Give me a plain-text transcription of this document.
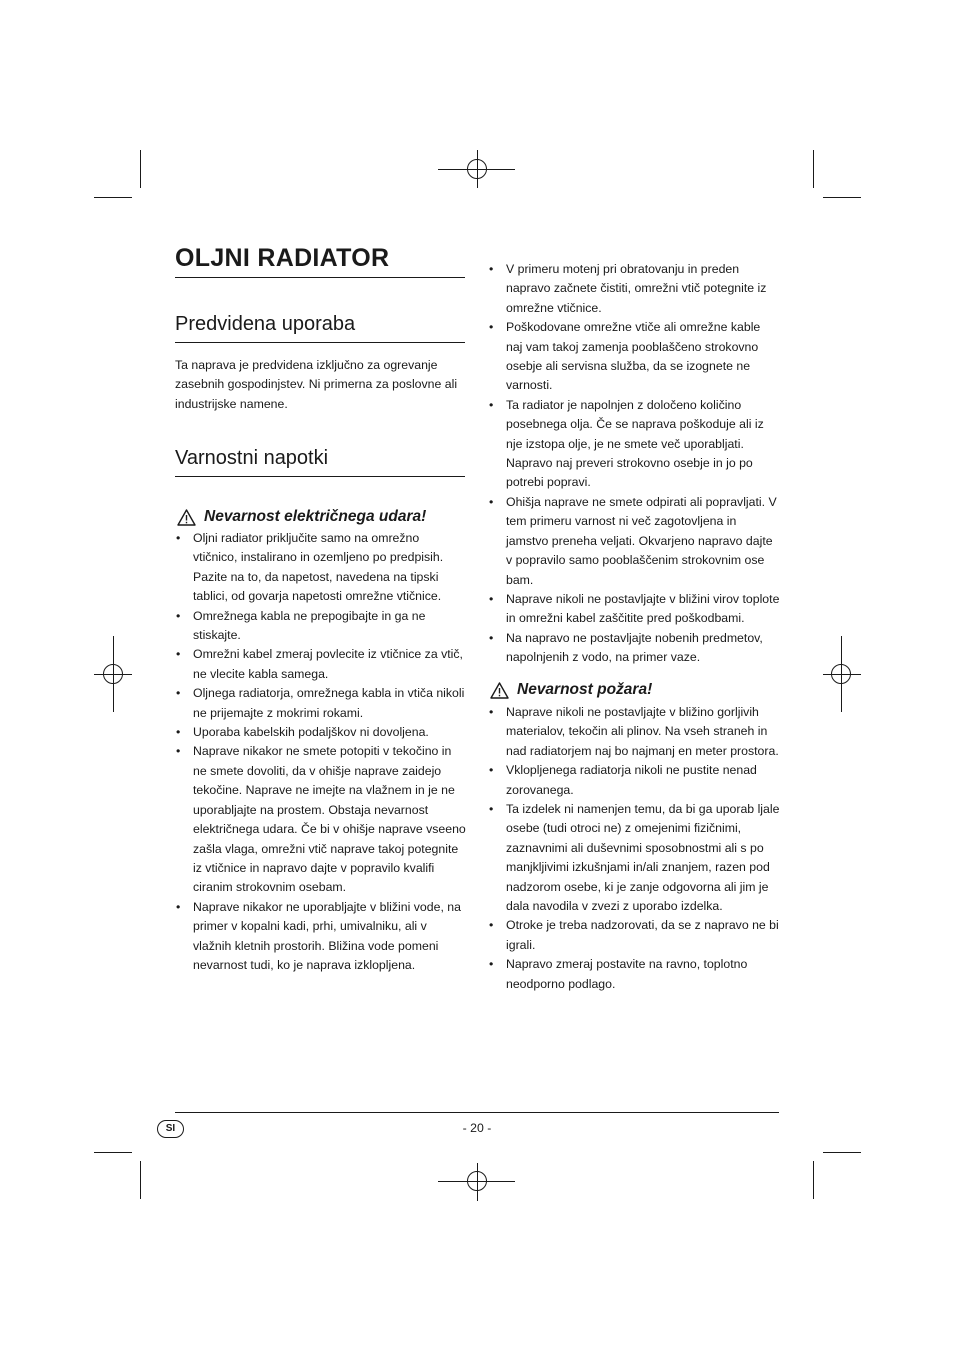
OLJNI RADIATOR
Predvidena uporaba

Ta naprava je predvidena izključno za ogrevanje zasebnih gospodinjstev. Ni primerna za poslovne ali industrijske namene.

Varnostni napotki
Nevarnost električnega udara!
• Oljni radiator priključite samo na omrežno vtičnico, instalirano in ozemljeno po predpisih. Pazite na to, da napetost, navedena na tipski tablici, od govarja napetosti omrežne vtičnice.
• Omrežnega kabla ne prepogibajte in ga ne stiskajte.
• Omrežni kabel zmeraj povlecite iz vtičnice za vtič, ne vlecite kabla samega.
• Oljnega radiatorja, omrežnega kabla in vtiča nikoli ne prijemajte z mokrimi rokami.
• Uporaba kabelskih podaljškov ni dovoljena.
• Naprave nikakor ne smete potopiti v tekočino in ne smete dovoliti, da v ohišje naprave zaidejo tekočine. Naprave ne imejte na vlažnem in je ne uporabljajte na prostem. Obstaja nevarnost električnega udara. Če bi v ohišje naprave vseeno zašla vlaga, omrežni vtič naprave takoj potegnite iz vtičnice in napravo dajte v popravilo kvalifi ciranim strokovnim osebam.
• Naprave nikakor ne uporabljajte v bližini vode, na primer v kopalni kadi, prhi, umivalniku, ali v vlažnih kletnih prostorih. Bližina vode pomeni nevarnost tudi, ko je naprava izklopljena.
• V primeru motenj pri obratovanju in preden napravo začnete čistiti, omrežni vtič potegnite iz omrežne vtičnice.
• Poškodovane omrežne vtiče ali omrežne kable naj vam takoj zamenja pooblaščeno strokovno osebje ali servisna služba, da se izognete ne varnosti.
• Ta radiator je napolnjen z določeno količino posebnega olja. Če se naprava poškoduje ali iz nje izstopa olje, je ne smete več uporabljati. Napravo naj preveri strokovno osebje in jo po potrebi popravi.
• Ohišja naprave ne smete odpirati ali popravljati. V tem primeru varnost ni več zagotovljena in jamstvo preneha veljati. Okvarjeno napravo dajte v popravilo samo pooblaščenim strokovnim ose bam.
• Naprave nikoli ne postavljajte v bližini virov toplote in omrežni kabel zaščitite pred poškodbami.
• Na napravo ne postavljajte nobenih predmetov, napolnjenih z vodo, na primer vaze.
Nevarnost požara!
• Naprave nikoli ne postavljajte v bližino gorljivih materialov, tekočin ali plinov. Na vseh straneh in nad radiatorjem naj bo najmanj en meter prostora.
• Vklopljenega radiatorja nikoli ne pustite nenad zorovanega.
• Ta izdelek ni namenjen temu, da bi ga uporab ljale osebe (tudi otroci ne) z omejenimi fizičnimi, zaznavnimi ali duševnimi sposobnostmi ali s po manjkljivimi izkušnjami in/ali znanjem, razen pod nadzorom osebe, ki je zanje odgovorna ali jim je dala navodila v zvezi z uporabo izdelka.
• Otroke je treba nadzorovati, da se z napravo ne bi igrali.
• Napravo zmeraj postavite na ravno, toplotno neodporno podlago.
SI	- 20 -
